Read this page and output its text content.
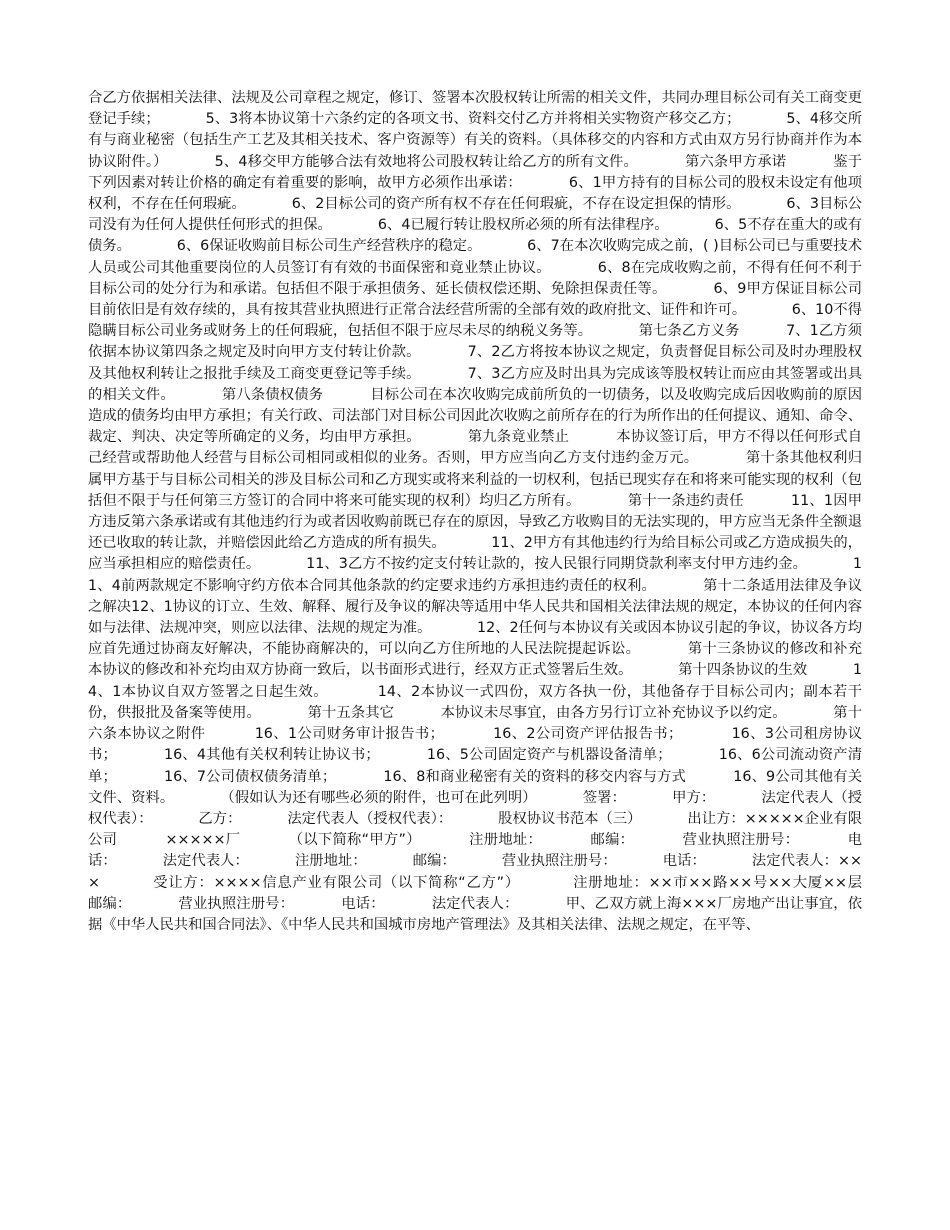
合乙方依据相关法律、法规及公司章程之规定，修订、签署本次股权转让所需的相关文件，共同办理目标公司有关工商变更登记手续；          5、3将本协议第十六条约定的各项文书、资料交付乙方并将相关实物资产移交乙方；          5、4移交所有与商业秘密（包括生产工艺及其相关技术、客户资源等）有关的资料。（具体移交的内容和方式由双方另行协商并作为本协议附件。）          5、4移交甲方能够合法有效地将公司股权转让给乙方的所有文件。          第六条甲方承诺          鉴于下列因素对转让价格的确定有着重要的影响，故甲方必须作出承诺：          6、1甲方持有的目标公司的股权未设定有他项权利，不存在任何瑕疵。          6、2目标公司的资产所有权不存在任何瑕疵，不存在设定担保的情形。          6、3目标公司没有为任何人提供任何形式的担保。          6、4已履行转让股权所必须的所有法律程序。          6、5不存在重大的或有债务。          6、6保证收购前目标公司生产经营秩序的稳定。          6、7在本次收购完成之前，( )目标公司已与重要技术人员或公司其他重要岗位的人员签订有有效的书面保密和竟业禁止协议。          6、8在完成收购之前，不得有任何不利于目标公司的处分行为和承诺。包括但不限于承担债务、延长债权偿还期、免除担保责任等。          6、9甲方保证目标公司目前依旧是有效存续的，具有按其营业执照进行正常合法经营所需的全部有效的政府批文、证件和许可。          6、10不得隐瞒目标公司业务或财务上的任何瑕疵，包括但不限于应尽未尽的纳税义务等。          第七条乙方义务          7、1乙方须依据本协议第四条之规定及时向甲方支付转让价款。          7、2乙方将按本协议之规定，负责督促目标公司及时办理股权及其他权利转让之报批手续及工商变更登记等手续。          7、3乙方应及时出具为完成该等股权转让而应由其签署或出具的相关文件。          第八条债权债务          目标公司在本次收购完成前所负的一切债务，以及收购完成后因收购前的原因造成的债务均由甲方承担；有关行政、司法部门对目标公司因此次收购之前所存在的行为所作出的任何提议、通知、命令、裁定、判决、决定等所确定的义务，均由甲方承担。          第九条竟业禁止          本协议签订后，甲方不得以任何形式自己经营或帮助他人经营与目标公司相同或相似的业务。否则，甲方应当向乙方支付违约金万元。          第十条其他权利归属甲方基于与目标公司相关的涉及目标公司和乙方现实或将来利益的一切权利，包括已现实存在和将来可能实现的权利（包括但不限于与任何第三方签订的合同中将来可能实现的权利）均归乙方所有。          第十一条违约责任          11、1因甲方违反第六条承诺或有其他违约行为或者因收购前既已存在的原因，导致乙方收购目的无法实现的，甲方应当无条件全额退还已收取的转让款，并赔偿因此给乙方造成的所有损失。          11、2甲方有其他违约行为给目标公司或乙方造成损失的，应当承担相应的赔偿责任。          11、3乙方不按约定支付转让款的，按人民银行同期贷款利率支付甲方违约金。          11、4前两款规定不影响守约方依本合同其他条款的约定要求违约方承担违约责任的权利。          第十二条适用法律及争议之解决12、1协议的订立、生效、解释、履行及争议的解决等适用中华人民共和国相关法律法规的规定，本协议的任何内容如与法律、法规冲突，则应以法律、法规的规定为准。          12、2任何与本协议有关或因本协议引起的争议，协议各方均应首先通过协商友好解决，不能协商解决的，可以向乙方住所地的人民法院提起诉讼。          第十三条协议的修改和补充          本协议的修改和补充均由双方协商一致后，以书面形式进行，经双方正式签署后生效。          第十四条协议的生效          14、1本协议自双方签署之日起生效。          14、2本协议一式四份，双方各执一份，其他备存于目标公司内；副本若干份，供报批及备案等使用。          第十五条其它          本协议未尽事宜，由各方另行订立补充协议予以约定。          第十六条本协议之附件          16、1公司财务审计报告书；          16、2公司资产评估报告书；          16、3公司租房协议书；          16、4其他有关权利转让协议书；          16、5公司固定资产与机器设备清单；          16、6公司流动资产清单；          16、7公司债权债务清单；          16、8和商业秘密有关的资料的移交内容与方式          16、9公司其他有关文件、资料。          （假如认为还有哪些必须的附件，也可在此列明）          签署：          甲方：          法定代表人（授权代表）：          乙方：          法定代表人（授权代表）：          股权协议书范本（三）          出让方：×××××企业有限公司          ×××××厂          （以下简称“甲方”）          注册地址：          邮编：          营业执照注册号：          电话：          法定代表人：          注册地址：          邮编：          营业执照注册号：          电话：          法定代表人：×××          受让方：××××信息产业有限公司（以下简称“乙方”）          注册地址：××市××路××号××大厦××层          邮编：          营业执照注册号：          电话：          法定代表人：          甲、乙双方就上海×××厂房地产出让事宜，依据《中华人民共和国合同法》、《中华人民共和国城市房地产管理法》及其相关法律、法规之规定，在平等、
